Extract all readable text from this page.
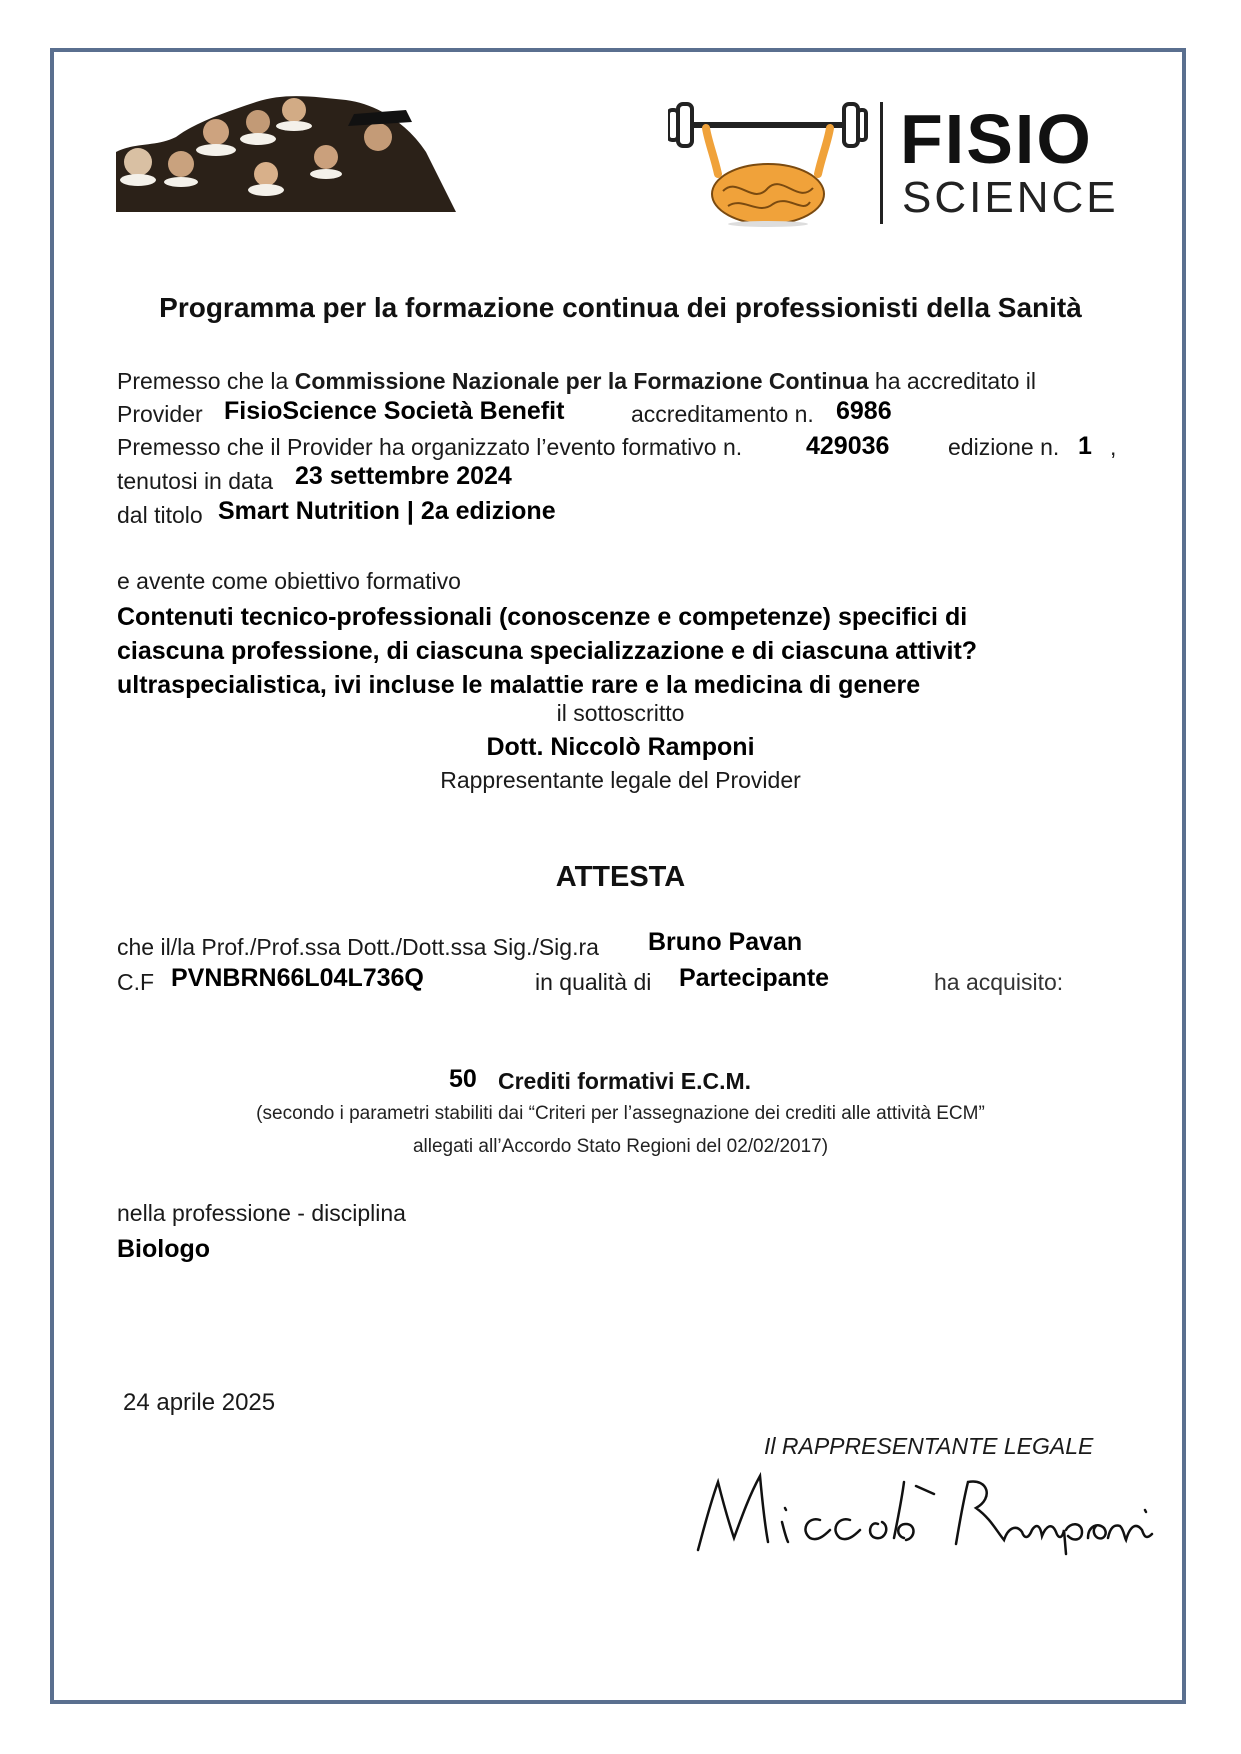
FISIO
SCIENCE
Programma per la formazione continua dei professionisti della Sanità
Premesso che la Commissione Nazionale per la Formazione Continua ha accreditato il
Provider FisioScience Società Benefit	accreditamento n. 6986
Premesso che il Provider ha organizzato l’evento formativo n.	429036	edizione n. 1 ,
tenutosi in data 23 settembre 2024
dal titolo Smart Nutrition | 2a edizione
e avente come obiettivo formativo
Contenuti tecnico-professionali (conoscenze e competenze) specifici di
ciascuna professione, di ciascuna specializzazione e di ciascuna attivit?
ultraspecialistica, ivi incluse le malattie rare e la medicina di genere
il sottoscritto
Dott. Niccolò Ramponi
Rappresentante legale del Provider
ATTESTA
che il/la Prof./Prof.ssa Dott./Dott.ssa Sig./Sig.ra Bruno Pavan
C.F PVNBRN66L04L736Q	in qualità di Partecipante	ha acquisito:
50 Crediti formativi E.C.M.
(secondo i parametri stabiliti dai “Criteri per l’assegnazione dei crediti alle attività ECM”
allegati all’Accordo Stato Regioni del 02/02/2017)
nella professione - disciplina
Biologo
24 aprile 2025
Il RAPPRESENTANTE LEGALE
